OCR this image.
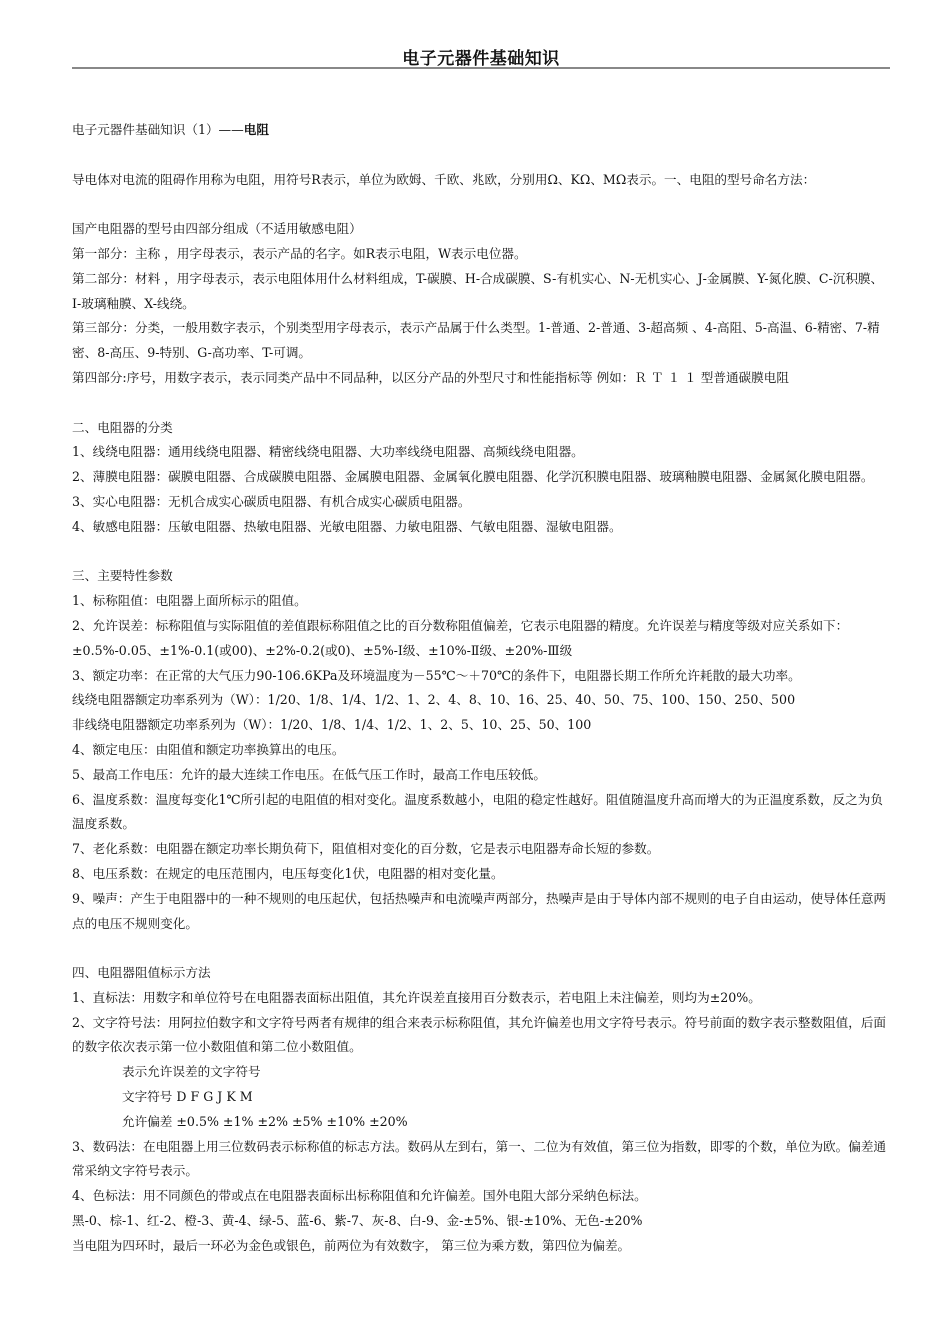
电子元器件基础知识

电子元器件基础知识（1）——电阻

导电体对电流的阻碍作用称为电阻，用符号R表示，单位为欧姆、千欧、兆欧，分别用Ω、KΩ、MΩ表示。一、电阻的型号命名方法：

国产电阻器的型号由四部分组成（不适用敏感电阻）

第一部分：主称 ，用字母表示，表示产品的名字。如R表示电阻，W表示电位器。

第二部分：材料 ，用字母表示，表示电阻体用什么材料组成，T-碳膜、H-合成碳膜、S-有机实心、N-无机实心、J-金属膜、Y-氮化膜、C-沉积膜、I-玻璃釉膜、X-线绕。

第三部分：分类，一般用数字表示，个别类型用字母表示，表示产品属于什么类型。1-普通、2-普通、3-超高频 、4-高阻、5-高温、6-精密、7-精密、8-高压、9-特别、G-高功率、T-可调。

第四部分:序号，用数字表示，表示同类产品中不同品种，以区分产品的外型尺寸和性能指标等 例如：Ｒ Ｔ １ １ 型普通碳膜电阻

二、电阻器的分类

1、线绕电阻器：通用线绕电阻器、精密线绕电阻器、大功率线绕电阻器、高频线绕电阻器。

2、薄膜电阻器：碳膜电阻器、合成碳膜电阻器、金属膜电阻器、金属氧化膜电阻器、化学沉积膜电阻器、玻璃釉膜电阻器、金属氮化膜电阻器。

3、实心电阻器：无机合成实心碳质电阻器、有机合成实心碳质电阻器。

4、敏感电阻器：压敏电阻器、热敏电阻器、光敏电阻器、力敏电阻器、气敏电阻器、湿敏电阻器。

三、主要特性参数

1、标称阻值：电阻器上面所标示的阻值。

2、允许误差：标称阻值与实际阻值的差值跟标称阻值之比的百分数称阻值偏差，它表示电阻器的精度。允许误差与精度等级对应关系如下：±0.5%-0.05、±1%-0.1(或00)、±2%-0.2(或0)、±5%-Ⅰ级、±10%-Ⅱ级、±20%-Ⅲ级

3、额定功率：在正常的大气压力90-106.6KPa及环境温度为－55℃～＋70℃的条件下，电阻器长期工作所允许耗散的最大功率。

线绕电阻器额定功率系列为（W）：1/20、1/8、1/4、1/2、1、2、4、8、10、16、25、40、50、75、100、150、250、500

非线绕电阻器额定功率系列为（W）：1/20、1/8、1/4、1/2、1、2、5、10、25、50、100

4、额定电压：由阻值和额定功率换算出的电压。

5、最高工作电压：允许的最大连续工作电压。在低气压工作时，最高工作电压较低。

6、温度系数：温度每变化1℃所引起的电阻值的相对变化。温度系数越小，电阻的稳定性越好。阻值随温度升高而增大的为正温度系数，反之为负温度系数。

7、老化系数：电阻器在额定功率长期负荷下，阻值相对变化的百分数，它是表示电阻器寿命长短的参数。

8、电压系数：在规定的电压范围内，电压每变化1伏，电阻器的相对变化量。

9、噪声：产生于电阻器中的一种不规则的电压起伏，包括热噪声和电流噪声两部分，热噪声是由于导体内部不规则的电子自由运动，使导体任意两点的电压不规则变化。

四、电阻器阻值标示方法

1、直标法：用数字和单位符号在电阻器表面标出阻值，其允许误差直接用百分数表示，若电阻上未注偏差，则均为±20%。

2、文字符号法：用阿拉伯数字和文字符号两者有规律的组合来表示标称阻值，其允许偏差也用文字符号表示。符号前面的数字表示整数阻值，后面的数字依次表示第一位小数阻值和第二位小数阻值。

表示允许误差的文字符号

文字符号 D F G J K M

允许偏差 ±0.5% ±1% ±2% ±5% ±10% ±20%

3、数码法：在电阻器上用三位数码表示标称值的标志方法。数码从左到右，第一、二位为有效值，第三位为指数，即零的个数，单位为欧。偏差通常采纳文字符号表示。

4、色标法：用不同颜色的带或点在电阻器表面标出标称阻值和允许偏差。国外电阻大部分采纳色标法。

黑-0、棕-1、红-2、橙-3、黄-4、绿-5、蓝-6、紫-7、灰-8、白-9、金-±5%、银-±10%、无色-±20%

当电阻为四环时，最后一环必为金色或银色，前两位为有效数字， 第三位为乘方数，第四位为偏差。
